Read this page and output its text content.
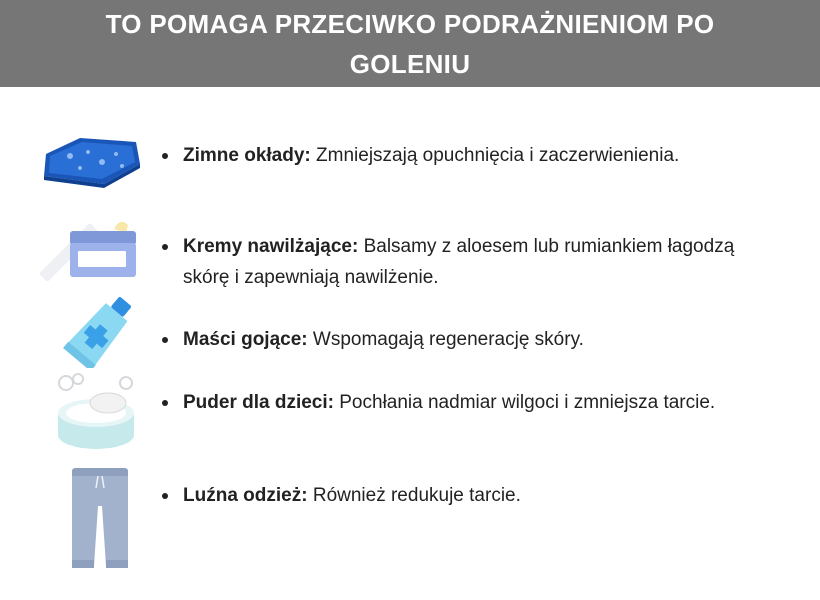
TO POMAGA PRZECIWKO PODRAŻNIENIOM PO GOLENIU
Zimne okłady: Zmniejszają opuchnięcia i zaczerwienienia.
Kremy nawilżające: Balsamy z aloesem lub rumiankiem łagodzą skórę i zapewniają nawilżenie.
Maści gojące: Wspomagają regenerację skóry.
Puder dla dzieci: Pochłania nadmiar wilgoci i zmniejsza tarcie.
Luźna odzież: Również redukuje tarcie.
